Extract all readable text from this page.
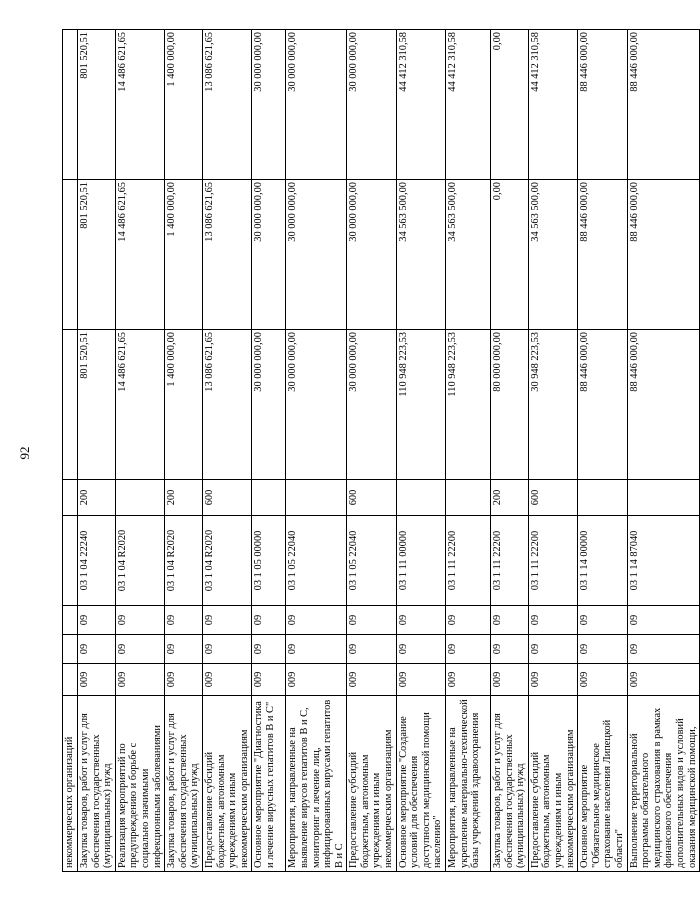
92
некоммерческих организаций								
Закупка товаров, работ и услуг для обеспечения государственных (муниципальных) нужд	009	09	09	03 1 04 22240	200	801 520,51	801 520,51	801 520,51
Реализация мероприятий по предупреждению и борьбе с социально значимыми инфекционными заболеваниями	009	09	09	03 1 04 R2020		14 486 621,65	14 486 621,65	14 486 621,65
Закупка товаров, работ и услуг для обеспечения государственных (муниципальных) нужд	009	09	09	03 1 04 R2020	200	1 400 000,00	1 400 000,00	1 400 000,00
Предоставление субсидий бюджетным, автономным учреждениям и иным некоммерческим организациям	009	09	09	03 1 04 R2020	600	13 086 621,65	13 086 621,65	13 086 621,65
Основное мероприятие "Диагностика и лечение вирусных гепатитов В и С"	009	09	09	03 1 05 00000		30 000 000,00	30 000 000,00	30 000 000,00
Мероприятия, направленные на выявление вирусов гепатитов В и С, мониторинг и лечение лиц, инфицированных вирусами гепатитов В и С	009	09	09	03 1 05 22040		30 000 000,00	30 000 000,00	30 000 000,00
Предоставление субсидий бюджетным, автономным учреждениям и иным некоммерческим организациям	009	09	09	03 1 05 22040	600	30 000 000,00	30 000 000,00	30 000 000,00
Основное мероприятие "Создание условий для обеспечения доступности медицинской помощи населению"	009	09	09	03 1 11 00000		110 948 223,53	34 563 500,00	44 412 310,58
Мероприятия, направленные на укрепление материально-технической базы учреждений здравоохранения	009	09	09	03 1 11 22200		110 948 223,53	34 563 500,00	44 412 310,58
Закупка товаров, работ и услуг для обеспечения государственных (муниципальных) нужд	009	09	09	03 1 11 22200	200	80 000 000,00	0,00	0,00
Предоставление субсидий бюджетным, автономным учреждениям и иным некоммерческим организациям	009	09	09	03 1 11 22200	600	30 948 223,53	34 563 500,00	44 412 310,58
Основное мероприятие "Обязательное медицинское страхование населения Липецкой области"	009	09	09	03 1 14 00000		88 446 000,00	88 446 000,00	88 446 000,00
Выполнение территориальной программы обязательного медицинского страхования в рамках финансового обеспечения дополнительных видов и условий оказания медицинской помощи,	009	09	09	03 1 14 87040		88 446 000,00	88 446 000,00	88 446 000,00
